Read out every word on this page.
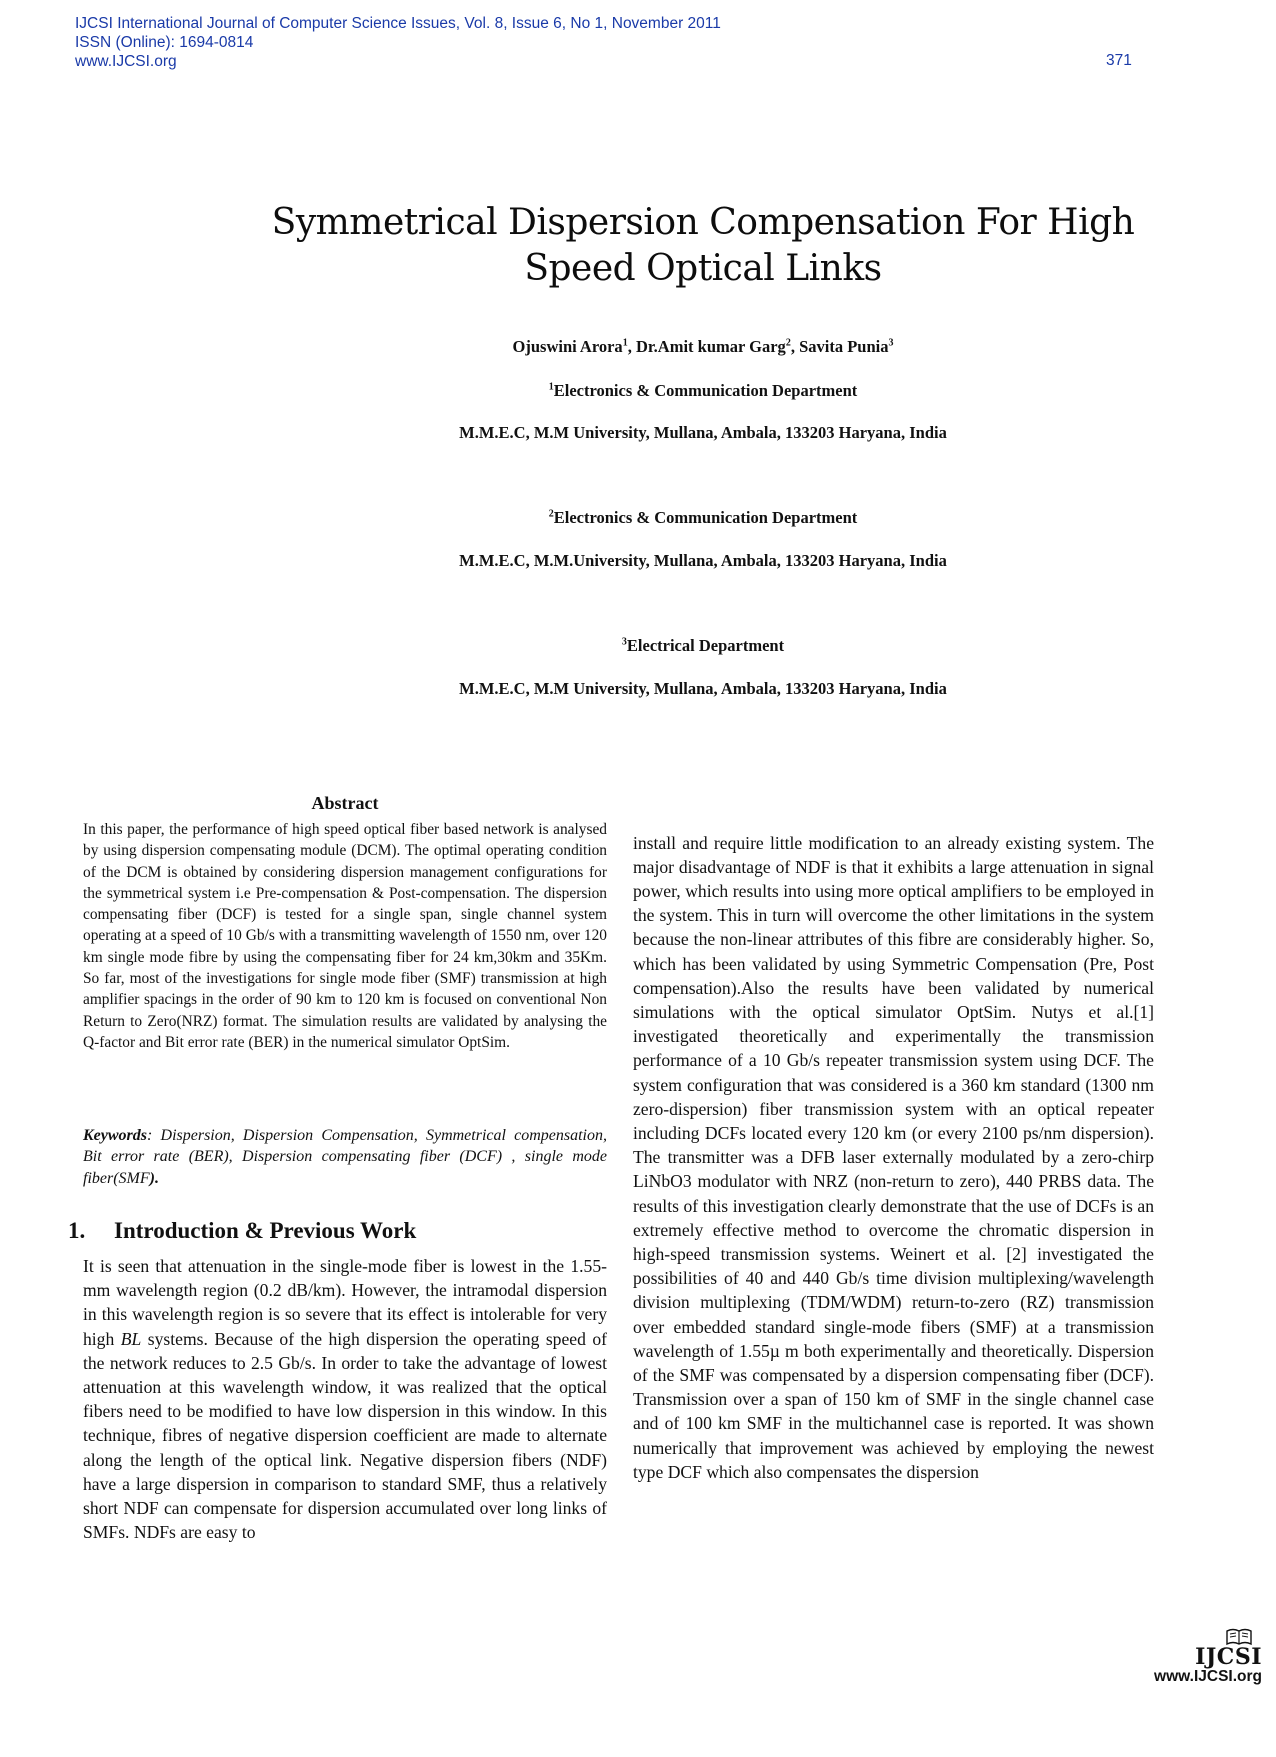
IJCSI International Journal of Computer Science Issues, Vol. 8, Issue 6, No 1, November 2011
ISSN (Online): 1694-0814
www.IJCSI.org	371
Symmetrical Dispersion Compensation For High
Speed Optical Links
Ojuswini Arora$^1$, Dr.Amit kumar Garg$^2$, Savita Punia$^3$
$^1$Electronics & Communication Department
M.M.E.C, M.M University, Mullana, Ambala, 133203 Haryana, India
$^2$Electronics & Communication Department
M.M.E.C, M.M.University, Mullana, Ambala, 133203 Haryana, India
$^3$Electrical Department
M.M.E.C, M.M University, Mullana, Ambala, 133203 Haryana, India
Abstract

In this paper, the performance of high speed optical fiber based network is analysed by using dispersion compensating module (DCM). The optimal operating condition of the DCM is obtained by considering dispersion management configurations for the symmetrical system i.e Pre-compensation & Post-compensation. The dispersion compensating fiber (DCF) is tested for a single span, single channel system operating at a speed of 10 Gb/s with a transmitting wavelength of 1550 nm, over 120 km single mode fibre by using the compensating fiber for 24 km,30km and 35Km. So far, most of the investigations for single mode fiber (SMF) transmission at high amplifier spacings in the order of 90 km to 120 km is focused on conventional Non Return to Zero(NRZ) format. The simulation results are validated by analysing the Q-factor and Bit error rate (BER) in the numerical simulator OptSim.

Keywords: Dispersion, Dispersion Compensation, Symmetrical compensation, Bit error rate (BER), Dispersion compensating fiber (DCF) , single mode fiber(SMF).
1. Introduction & Previous Work
It is seen that attenuation in the single-mode fiber is lowest in the 1.55- mm wavelength region (0.2 dB/km). However, the intramodal dispersion in this wavelength region is so severe that its effect is intolerable for very high BL systems. Because of the high dispersion the operating speed of the network reduces to 2.5 Gb/s. In order to take the advantage of lowest attenuation at this wavelength window, it was realized that the optical fibers need to be modified to have low dispersion in this window. In this technique, fibres of negative dispersion coefficient are made to alternate along the length of the optical link. Negative dispersion fibers (NDF) have a large dispersion in comparison to standard SMF, thus a relatively short NDF can compensate for dispersion accumulated over long links of SMFs. NDFs are easy to

install and require little modification to an already existing system. The major disadvantage of NDF is that it exhibits a large attenuation in signal power, which results into using more optical amplifiers to be employed in the system. This in turn will overcome the other limitations in the system because the non-linear attributes of this fibre are considerably higher. So, which has been validated by using Symmetric Compensation (Pre, Post compensation).Also the results have been validated by numerical simulations with the optical simulator OptSim. Nutys et al.[1] investigated theoretically and experimentally the transmission performance of a 10 Gb/s repeater transmission system using DCF. The system configuration that was considered is a 360 km standard (1300 nm zero-dispersion) fiber transmission system with an optical repeater including DCFs located every 120 km (or every 2100 ps/nm dispersion). The transmitter was a DFB laser externally modulated by a zero-chirp LiNbO3 modulator with NRZ (non-return to zero), 440 PRBS data. The results of this investigation clearly demonstrate that the use of DCFs is an extremely effective method to overcome the chromatic dispersion in high-speed transmission systems. Weinert et al. [2] investigated the possibilities of 40 and 440 Gb/s time division multiplexing/wavelength division multiplexing (TDM/WDM) return-to-zero (RZ) transmission over embedded standard single-mode fibers (SMF) at a transmission wavelength of 1.55µ m both experimentally and theoretically. Dispersion of the SMF was compensated by a dispersion compensating fiber (DCF). Transmission over a span of 150 km of SMF in the single channel case and of 100 km SMF in the multichannel case is reported. It was shown numerically that improvement was achieved by employing the newest type DCF which also compensates the dispersion

IJCSI
www.IJCSI.org
